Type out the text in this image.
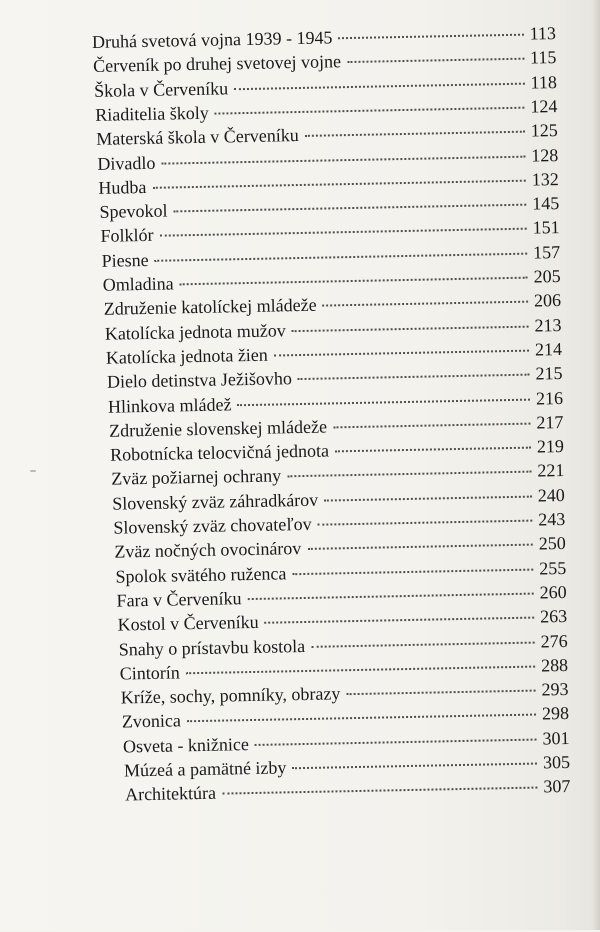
Druhá svetová vojna 1939 - 1945	113
Červeník po druhej svetovej vojne	115
Škola v Červeníku	118
Riaditelia školy	124
Materská škola v Červeníku	125
Divadlo	128
Hudba	132
Spevokol	145
Folklór	151
Piesne	157
Omladina	205
Združenie katolíckej mládeže	206
Katolícka jednota mužov	213
Katolícka jednota žien	214
Dielo detinstva Ježišovho	215
Hlinkova mládež	216
Združenie slovenskej mládeže	217
Robotnícka telocvičná jednota	219
Zväz požiarnej ochrany	221
Slovenský zväz záhradkárov	240
Slovenský zväz chovateľov	243
Zväz nočných ovocinárov	250
Spolok svätého ruženca	255
Fara v Červeníku	260
Kostol v Červeníku	263
Snahy o prístavbu kostola	276
Cintorín	288
Kríže, sochy, pomníky, obrazy	293
Zvonica	298
Osveta - knižnice	301
Múzeá a pamätné izby	305
Architektúra	307
